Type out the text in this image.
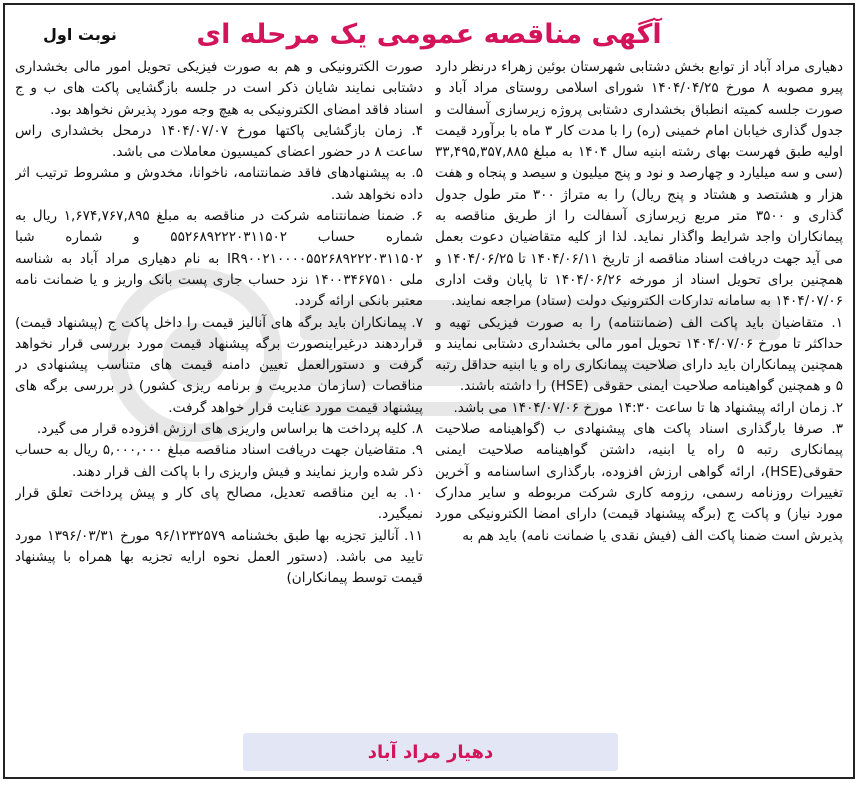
آگهی مناقصه عمومی یک مرحله ای
نوبت اول

دهیاری مراد آباد از توابع بخش دشتابی شهرستان بوئین زهراء درنظر دارد پیرو مصوبه ۸ مورخ ۱۴۰۴/۰۴/۲۵ شورای اسلامی روستای مراد آباد و صورت جلسه کمیته انطباق بخشداری دشتابی پروژه زیرسازی آسفالت و جدول گذاری خیابان امام خمینی (ره) را با مدت کار ۳ ماه با برآورد قیمت اولیه طبق فهرست بهای رشته ابنیه سال ۱۴۰۴ به مبلغ ۳۳,۴۹۵,۳۵۷,۸۸۵ (سی و سه میلیارد و چهارصد و نود و پنج میلیون و سیصد و پنجاه و هفت هزار و هشتصد و هشتاد و پنج ریال) را به متراژ ۳۰۰ متر طول جدول گذاری و ۳۵۰۰ متر مربع زیرسازی آسفالت را از طریق مناقصه به پیمانکاران واجد شرایط واگذار نماید. لذا از کلیه متقاضیان دعوت بعمل می آید جهت دریافت اسناد مناقصه از تاریخ ۱۴۰۴/۰۶/۱۱ تا ۱۴۰۴/۰۶/۲۵ و همچنین برای تحویل اسناد از مورخه ۱۴۰۴/۰۶/۲۶ تا پایان وقت اداری ۱۴۰۴/۰۷/۰۶ به سامانه تدارکات الکترونیک دولت (ستاد) مراجعه نمایند.

۱. متقاضیان باید پاکت الف (ضمانتنامه) را به صورت فیزیکی تهیه و حداکثر تا مورخ ۱۴۰۴/۰۷/۰۶ تحویل امور مالی بخشداری دشتابی نمایند و همچنین پیمانکاران باید دارای صلاحیت پیمانکاری راه و یا ابنیه حداقل رتبه ۵ و همچنین گواهینامه صلاحیت ایمنی حقوقی (HSE) را داشته باشند.

۲. زمان ارائه پیشنهاد ها تا ساعت ۱۴:۳۰ مورخ ۱۴۰۴/۰۷/۰۶ می باشد.

۳. صرفا بارگذاری اسناد پاکت های پیشنهادی ب (گواهینامه صلاحیت پیمانکاری رتبه ۵ راه یا ابنیه، داشتن گواهینامه صلاحیت ایمنی حقوقی(HSE)، ارائه گواهی ارزش افزوده، بارگذاری اساسنامه و آخرین تغییرات روزنامه رسمی، رزومه کاری شرکت مربوطه و سایر مدارک مورد نیاز) و پاکت ج (برگه پیشنهاد قیمت) دارای امضا الکترونیکی مورد پذیرش است ضمنا پاکت الف (فیش نقدی یا ضمانت نامه) باید هم به

صورت الکترونیکی و هم به صورت فیزیکی تحویل امور مالی بخشداری دشتابی نمایند شایان ذکر است در جلسه بازگشایی پاکت های ب و ج اسناد فاقد امضای الکترونیکی به هیچ وجه مورد پذیرش نخواهد بود.

۴. زمان بازگشایی پاکتها مورخ ۱۴۰۴/۰۷/۰۷ درمحل بخشداری راس ساعت ۸ در حضور اعضای کمیسیون معاملات می باشد.

۵. به پیشنهادهای فاقد ضمانتنامه، ناخوانا، مخدوش و مشروط ترتیب اثر داده نخواهد شد.

۶. ضمنا ضمانتنامه شرکت در مناقصه به مبلغ ۱,۶۷۴,۷۶۷,۸۹۵ ریال به شماره حساب ۵۵۲۶۸۹۲۲۲۰۳۱۱۵۰۲ و شماره شبا IR۹۰۰۲۱۰۰۰۰۵۵۲۶۸۹۲۲۲۰۳۱۱۵۰۲ به نام دهیاری مراد آباد به شناسه ملی ۱۴۰۰۳۴۶۷۵۱۰ نزد حساب جاری پست بانک واریز و یا ضمانت نامه معتبر بانکی ارائه گردد.

۷. پیمانکاران باید برگه های آنالیز قیمت را داخل پاکت ج (پیشنهاد قیمت) قراردهند درغیراینصورت برگه پیشنهاد قیمت مورد بررسی قرار نخواهد گرفت و دستورالعمل تعیین دامنه قیمت های متناسب پیشنهادی در مناقصات (سازمان مدیریت و برنامه ریزی کشور) در بررسی برگه های پیشنهاد قیمت مورد عنایت قرار خواهد گرفت.

۸. کلیه پرداخت ها براساس واریزی های ارزش افزوده قرار می گیرد.

۹. متقاضیان جهت دریافت اسناد مناقصه مبلغ ۵,۰۰۰,۰۰۰ ریال به حساب ذکر شده واریز نمایند و فیش واریزی را با پاکت الف قرار دهند.

۱۰. به این مناقصه تعدیل، مصالح پای کار و پیش پرداخت تعلق قرار نمیگیرد.

۱۱. آنالیز تجزیه بها طبق بخشنامه ۹۶/۱۲۳۲۵۷۹ مورخ ۱۳۹۶/۰۳/۳۱ مورد تایید می باشد. (دستور العمل نحوه ارایه تجزیه بها همراه با پیشنهاد قیمت توسط پیمانکاران)

دهیار مراد آباد
